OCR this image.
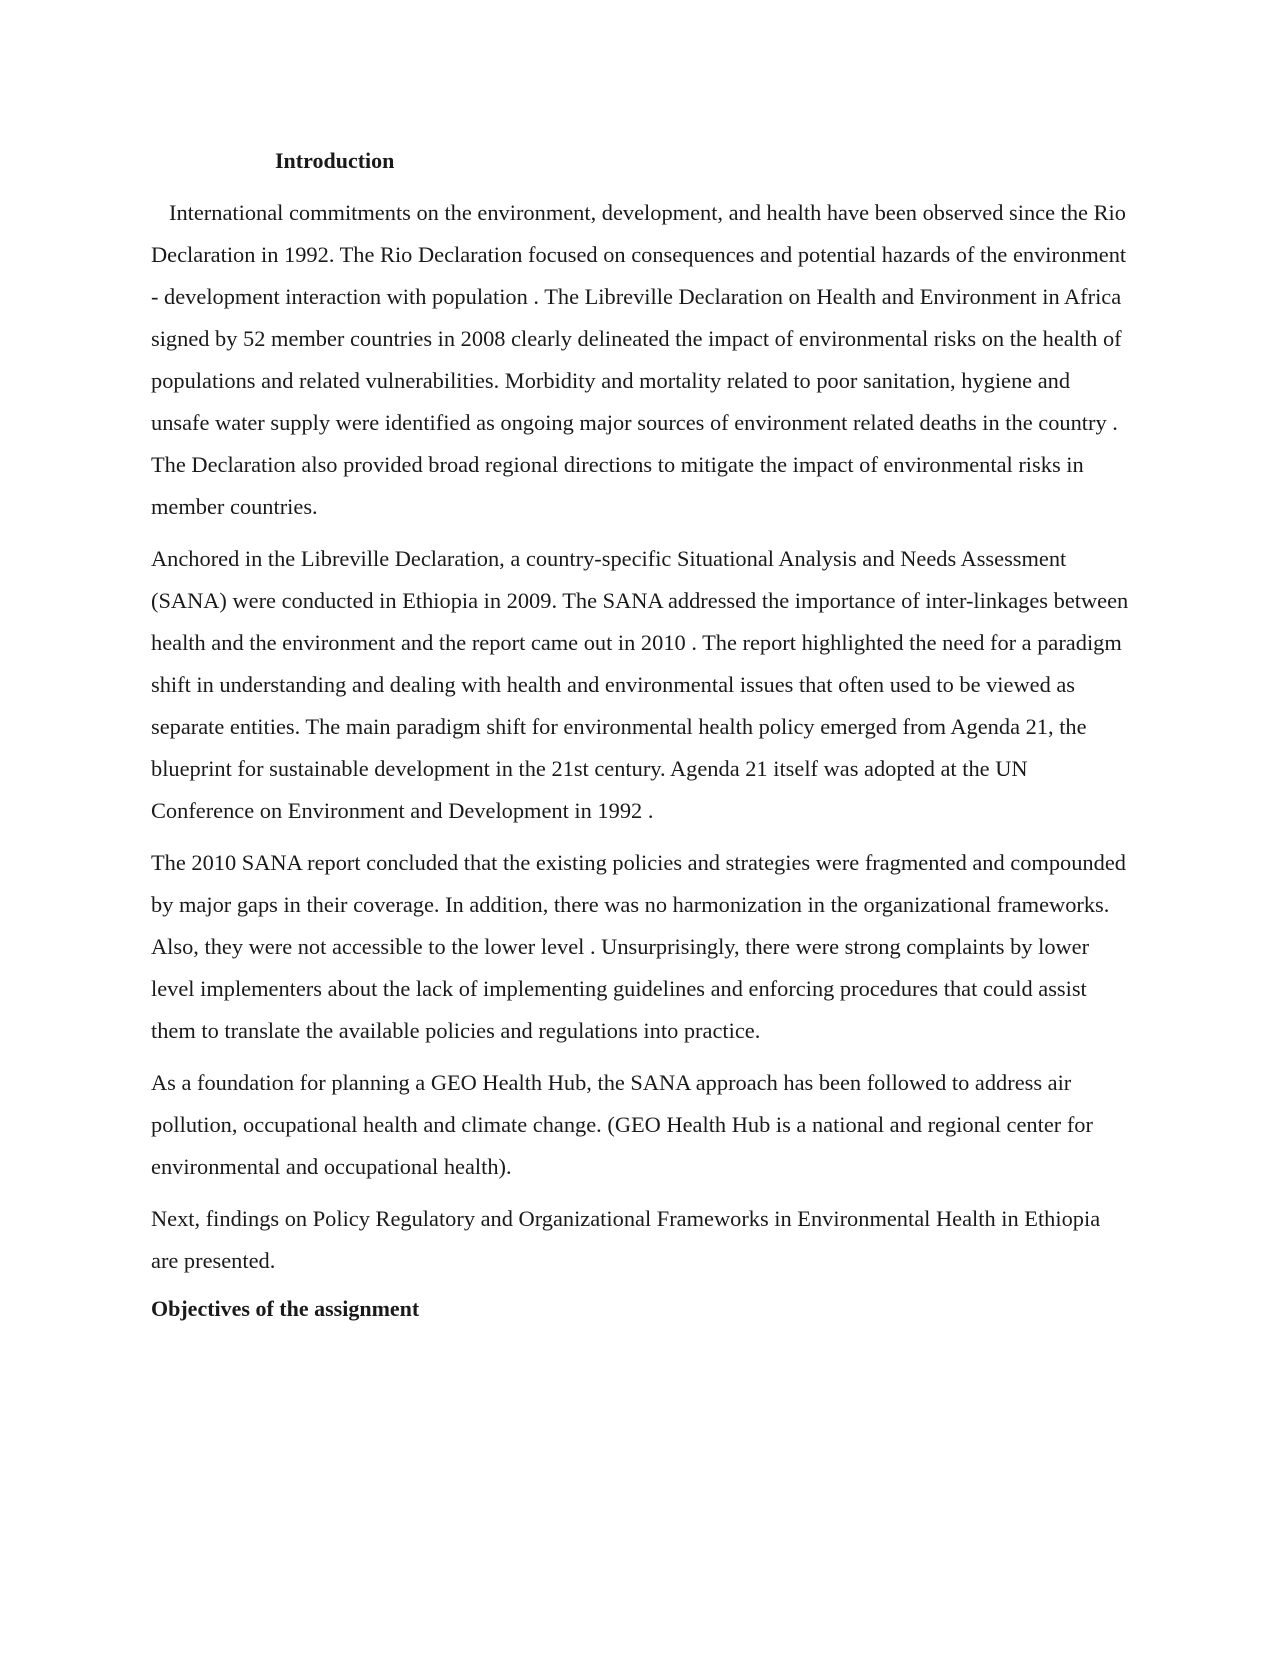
Introduction

International commitments on the environment, development, and health have been observed since the Rio Declaration in 1992. The Rio Declaration focused on consequences and potential hazards of the environment - development interaction with population . The Libreville Declaration on Health and Environment in Africa signed by 52 member countries in 2008 clearly delineated the impact of environmental risks on the health of populations and related vulnerabilities. Morbidity and mortality related to poor sanitation, hygiene and unsafe water supply were identified as ongoing major sources of environment related deaths in the country . The Declaration also provided broad regional directions to mitigate the impact of environmental risks in member countries.

Anchored in the Libreville Declaration, a country-specific Situational Analysis and Needs Assessment (SANA) were conducted in Ethiopia in 2009. The SANA addressed the importance of inter-linkages between health and the environment and the report came out in 2010 . The report highlighted the need for a paradigm shift in understanding and dealing with health and environmental issues that often used to be viewed as separate entities. The main paradigm shift for environmental health policy emerged from Agenda 21, the blueprint for sustainable development in the 21st century. Agenda 21 itself was adopted at the UN Conference on Environment and Development in 1992 .

The 2010 SANA report concluded that the existing policies and strategies were fragmented and compounded by major gaps in their coverage. In addition, there was no harmonization in the organizational frameworks. Also, they were not accessible to the lower level . Unsurprisingly, there were strong complaints by lower level implementers about the lack of implementing guidelines and enforcing procedures that could assist them to translate the available policies and regulations into practice.

As a foundation for planning a GEO Health Hub, the SANA approach has been followed to address air pollution, occupational health and climate change. (GEO Health Hub is a national and regional center for environmental and occupational health).

Next, findings on Policy Regulatory and Organizational Frameworks in Environmental Health in Ethiopia are presented.

Objectives of the assignment
